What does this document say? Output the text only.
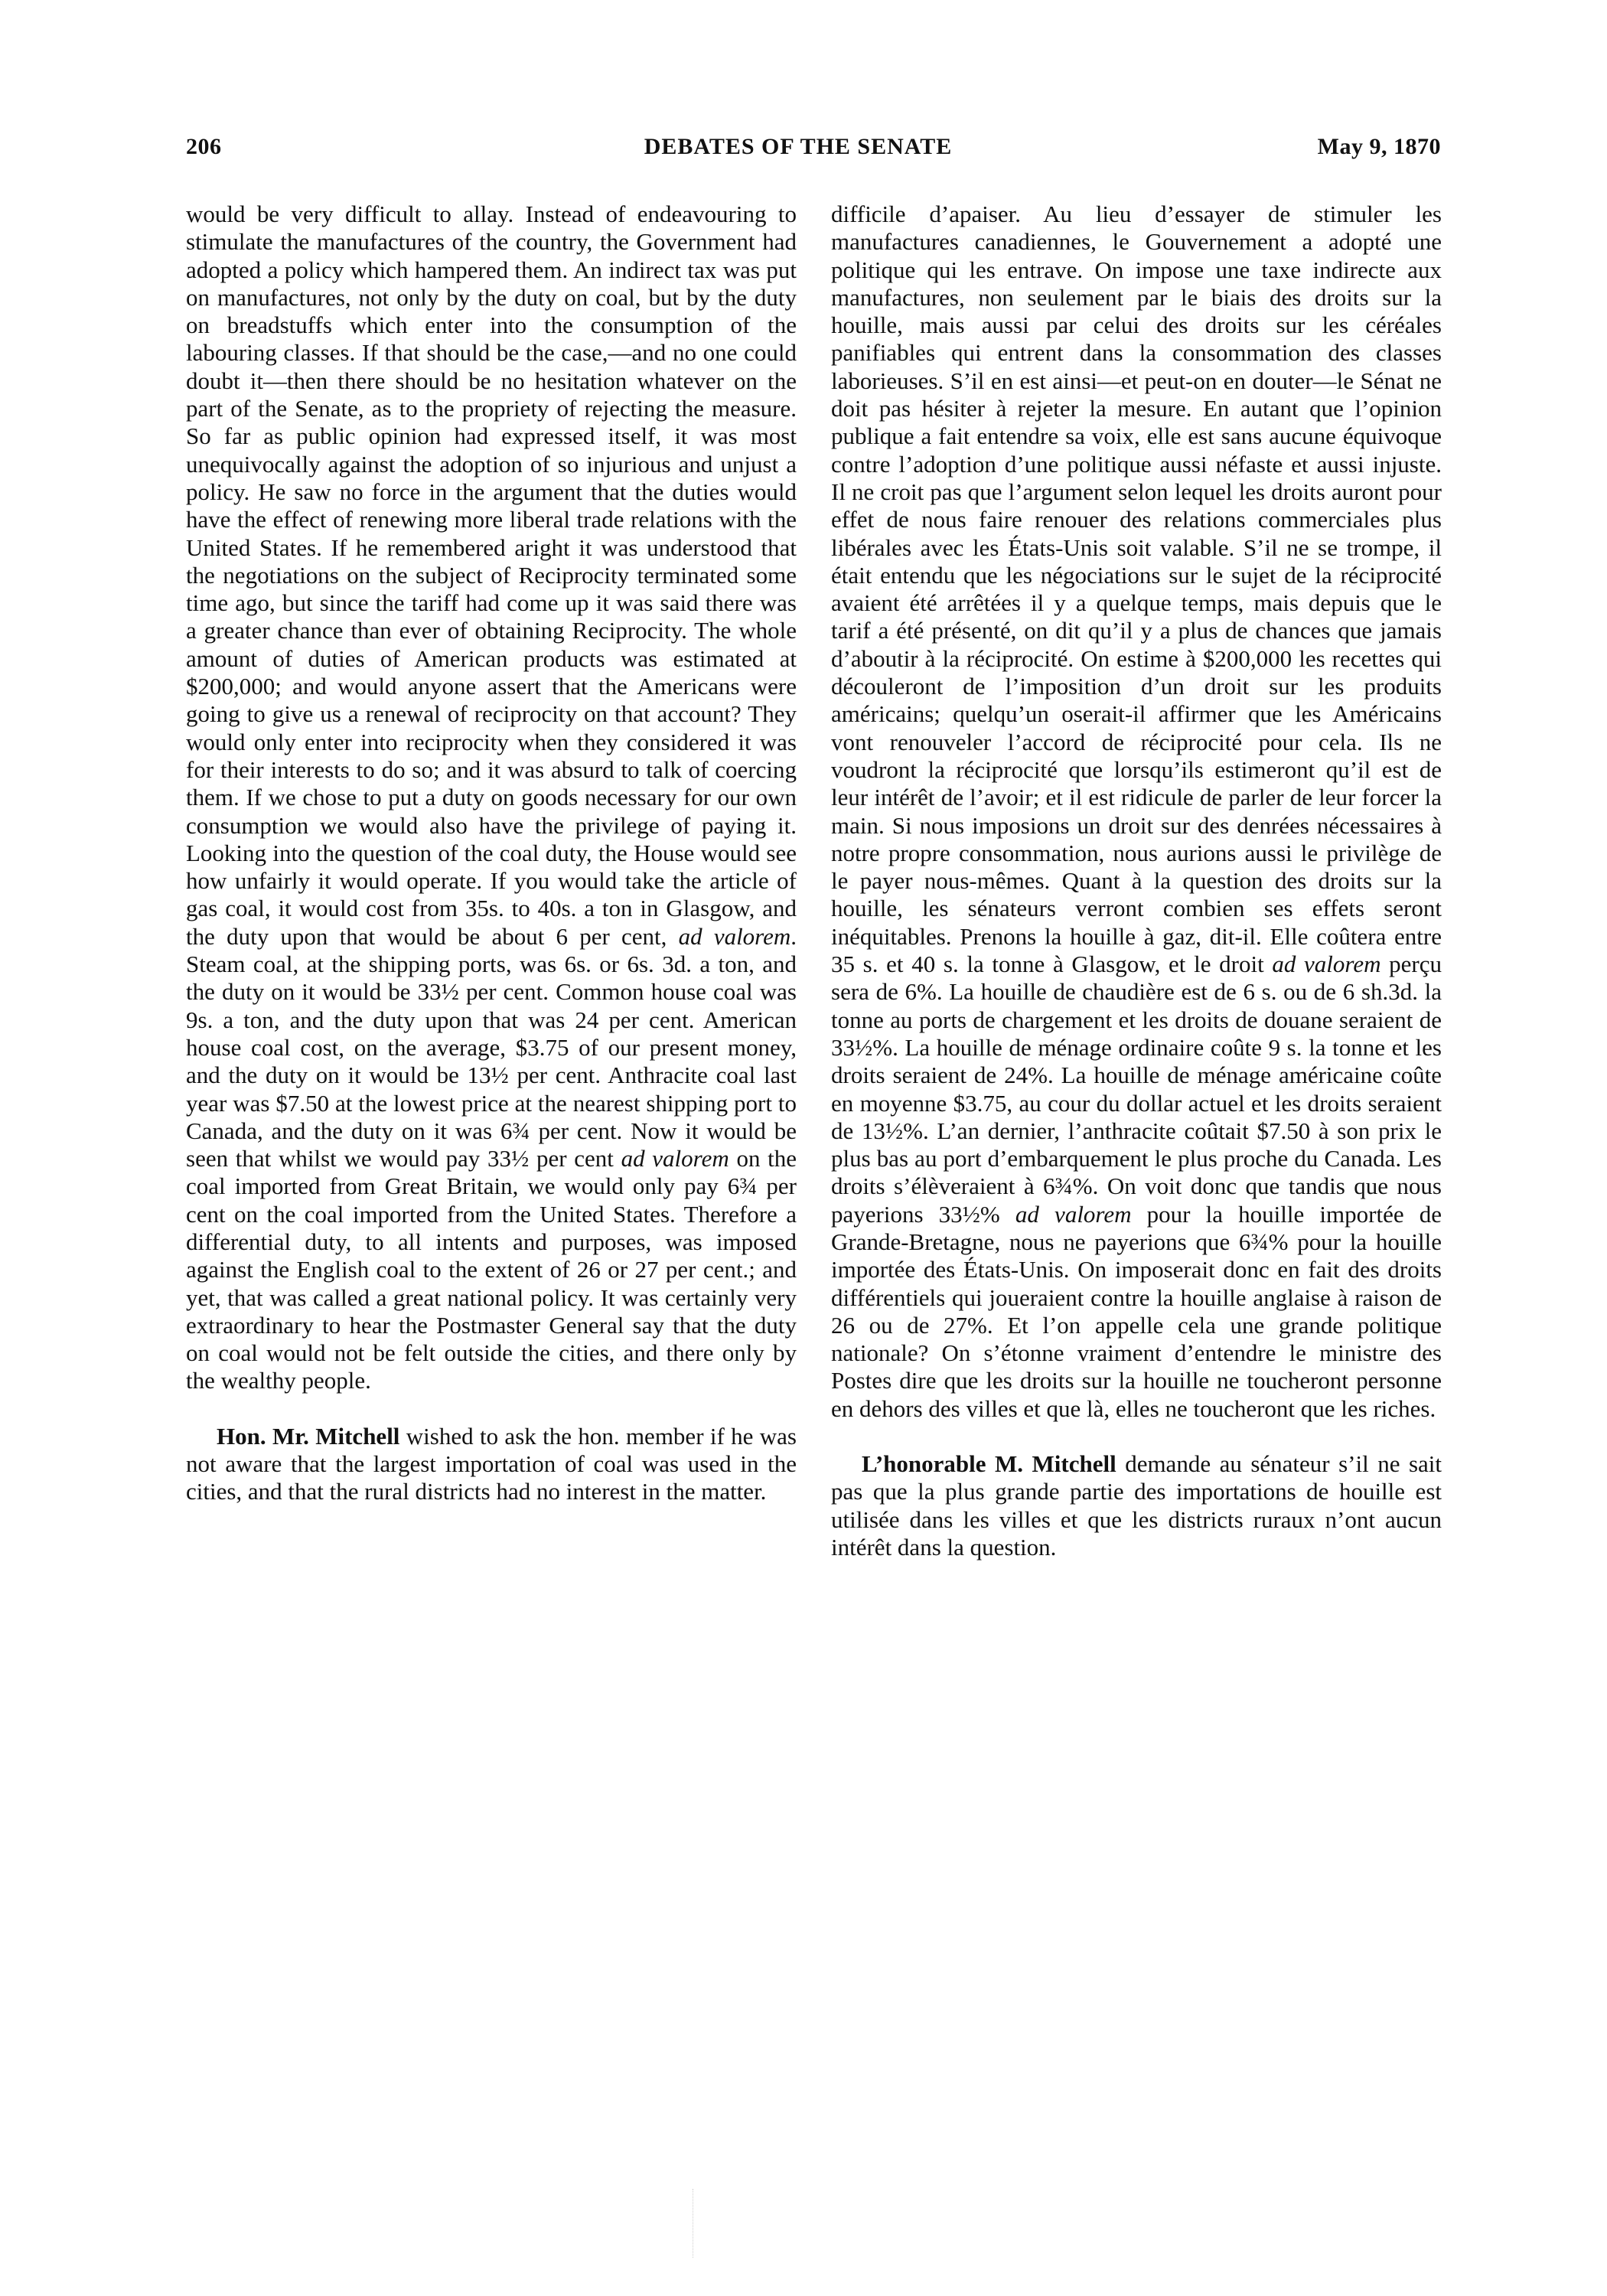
206	DEBATES OF THE SENATE	May 9, 1870

would be very difficult to allay. Instead of endeavouring to stimulate the manufactures of the country, the Government had adopted a policy which hampered them. An indirect tax was put on manufactures, not only by the duty on coal, but by the duty on breadstuffs which enter into the consumption of the labouring classes. If that should be the case,—and no one could doubt it—then there should be no hesitation whatever on the part of the Senate, as to the propriety of rejecting the measure. So far as public opinion had expressed itself, it was most unequivocally against the adoption of so injurious and unjust a policy. He saw no force in the argument that the duties would have the effect of renewing more liberal trade relations with the United States. If he remembered aright it was understood that the negotiations on the subject of Reciprocity terminated some time ago, but since the tariff had come up it was said there was a greater chance than ever of obtaining Reciprocity. The whole amount of duties of American products was estimated at $200,000; and would anyone assert that the Americans were going to give us a renewal of reciprocity on that account? They would only enter into reciprocity when they considered it was for their interests to do so; and it was absurd to talk of coercing them. If we chose to put a duty on goods necessary for our own consumption we would also have the privilege of paying it. Looking into the question of the coal duty, the House would see how unfairly it would operate. If you would take the article of gas coal, it would cost from 35s. to 40s. a ton in Glasgow, and the duty upon that would be about 6 per cent, ad valorem. Steam coal, at the shipping ports, was 6s. or 6s. 3d. a ton, and the duty on it would be 33½ per cent. Common house coal was 9s. a ton, and the duty upon that was 24 per cent. American house coal cost, on the average, $3.75 of our present money, and the duty on it would be 13½ per cent. Anthracite coal last year was $7.50 at the lowest price at the nearest shipping port to Canada, and the duty on it was 6¾ per cent. Now it would be seen that whilst we would pay 33½ per cent ad valorem on the coal imported from Great Britain, we would only pay 6¾ per cent on the coal imported from the United States. Therefore a differential duty, to all intents and purposes, was imposed against the English coal to the extent of 26 or 27 per cent.; and yet, that was called a great national policy. It was certainly very extraordinary to hear the Postmaster General say that the duty on coal would not be felt outside the cities, and there only by the wealthy people.

Hon. Mr. Mitchell wished to ask the hon. member if he was not aware that the largest importation of coal was used in the cities, and that the rural districts had no interest in the matter.

difficile d’apaiser. Au lieu d’essayer de stimuler les manufactures canadiennes, le Gouvernement a adopté une politique qui les entrave. On impose une taxe indirecte aux manufactures, non seulement par le biais des droits sur la houille, mais aussi par celui des droits sur les céréales panifiables qui entrent dans la consommation des classes laborieuses. S’il en est ainsi—et peut-on en douter—le Sénat ne doit pas hésiter à rejeter la mesure. En autant que l’opinion publique a fait entendre sa voix, elle est sans aucune équivoque contre l’adoption d’une politique aussi néfaste et aussi injuste. Il ne croit pas que l’argument selon lequel les droits auront pour effet de nous faire renouer des relations commerciales plus libérales avec les États-Unis soit valable. S’il ne se trompe, il était entendu que les négociations sur le sujet de la réciprocité avaient été arrêtées il y a quelque temps, mais depuis que le tarif a été présenté, on dit qu’il y a plus de chances que jamais d’aboutir à la réciprocité. On estime à $200,000 les recettes qui découleront de l’imposition d’un droit sur les produits américains; quelqu’un oserait-il affirmer que les Américains vont renouveler l’accord de réciprocité pour cela. Ils ne voudront la réciprocité que lorsqu’ils estimeront qu’il est de leur intérêt de l’avoir; et il est ridicule de parler de leur forcer la main. Si nous imposions un droit sur des denrées nécessaires à notre propre consommation, nous aurions aussi le privilège de le payer nous-mêmes. Quant à la question des droits sur la houille, les sénateurs verront combien ses effets seront inéquitables. Prenons la houille à gaz, dit-il. Elle coûtera entre 35 s. et 40 s. la tonne à Glasgow, et le droit ad valorem perçu sera de 6%. La houille de chaudière est de 6 s. ou de 6 sh.3d. la tonne au ports de chargement et les droits de douane seraient de 33½%. La houille de ménage ordinaire coûte 9 s. la tonne et les droits seraient de 24%. La houille de ménage américaine coûte en moyenne $3.75, au cour du dollar actuel et les droits seraient de 13½%. L’an dernier, l’anthracite coûtait $7.50 à son prix le plus bas au port d’embarquement le plus proche du Canada. Les droits s’élèveraient à 6¾%. On voit donc que tandis que nous payerions 33½% ad valorem pour la houille importée de Grande-Bretagne, nous ne payerions que 6¾% pour la houille importée des États-Unis. On imposerait donc en fait des droits différentiels qui joueraient contre la houille anglaise à raison de 26 ou de 27%. Et l’on appelle cela une grande politique nationale? On s’étonne vraiment d’entendre le ministre des Postes dire que les droits sur la houille ne toucheront personne en dehors des villes et que là, elles ne toucheront que les riches.

L’honorable M. Mitchell demande au sénateur s’il ne sait pas que la plus grande partie des importations de houille est utilisée dans les villes et que les districts ruraux n’ont aucun intérêt dans la question.
